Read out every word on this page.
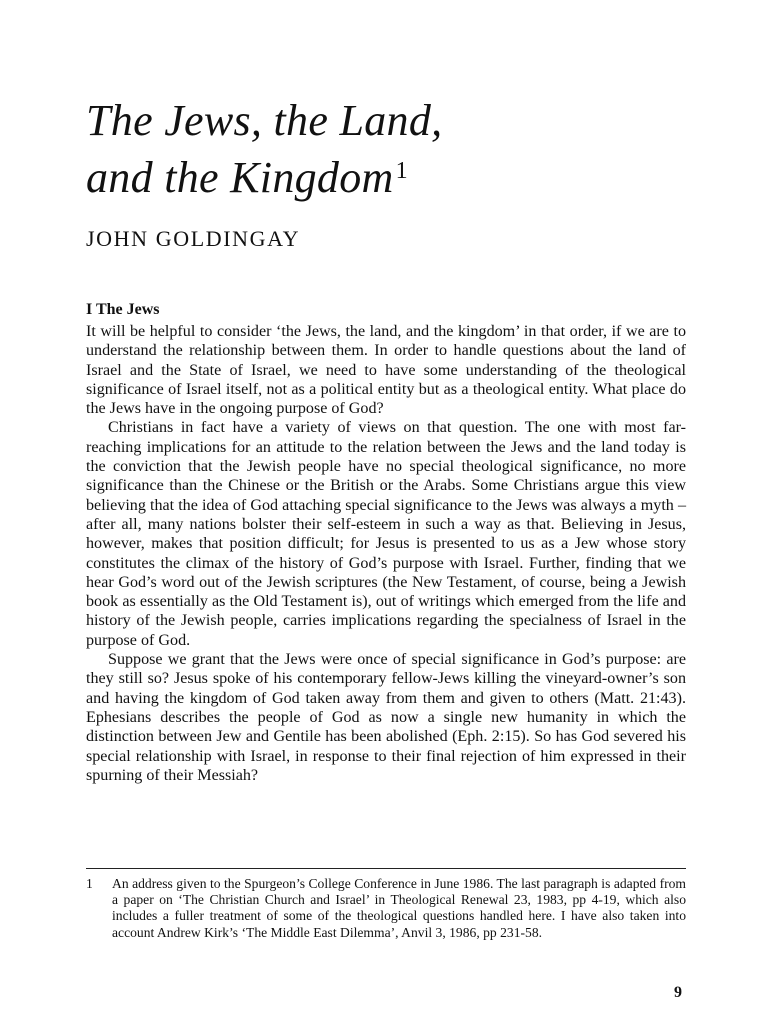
The Jews, the Land,
and the Kingdom$^1$
JOHN GOLDINGAY
I The Jews

It will be helpful to consider ‘the Jews, the land, and the kingdom’ in that order, if we are to understand the relationship between them. In order to handle questions about the land of Israel and the State of Israel, we need to have some understanding of the theological significance of Israel itself, not as a political entity but as a theological entity. What place do the Jews have in the ongoing purpose of God?

Christians in fact have a variety of views on that question. The one with most far-reaching implications for an attitude to the relation between the Jews and the land today is the conviction that the Jewish people have no special theological significance, no more significance than the Chinese or the British or the Arabs. Some Christians argue this view believing that the idea of God attaching special significance to the Jews was always a myth – after all, many nations bolster their self-esteem in such a way as that. Believing in Jesus, however, makes that position difficult; for Jesus is presented to us as a Jew whose story constitutes the climax of the history of God’s purpose with Israel. Further, finding that we hear God’s word out of the Jewish scriptures (the New Testament, of course, being a Jewish book as essentially as the Old Testament is), out of writings which emerged from the life and history of the Jewish people, carries implications regarding the specialness of Israel in the purpose of God.

Suppose we grant that the Jews were once of special significance in God’s purpose: are they still so? Jesus spoke of his contemporary fellow-Jews killing the vineyard-owner’s son and having the kingdom of God taken away from them and given to others (Matt. 21:43). Ephesians describes the people of God as now a single new humanity in which the distinction between Jew and Gentile has been abolished (Eph. 2:15). So has God severed his special relationship with Israel, in response to their final rejection of him expressed in their spurning of their Messiah?

1 An address given to the Spurgeon’s College Conference in June 1986. The last paragraph is adapted from a paper on ‘The Christian Church and Israel’ in Theological Renewal 23, 1983, pp 4-19, which also includes a fuller treatment of some of the theological questions handled here. I have also taken into account Andrew Kirk’s ‘The Middle East Dilemma’, Anvil 3, 1986, pp 231-58.
9
